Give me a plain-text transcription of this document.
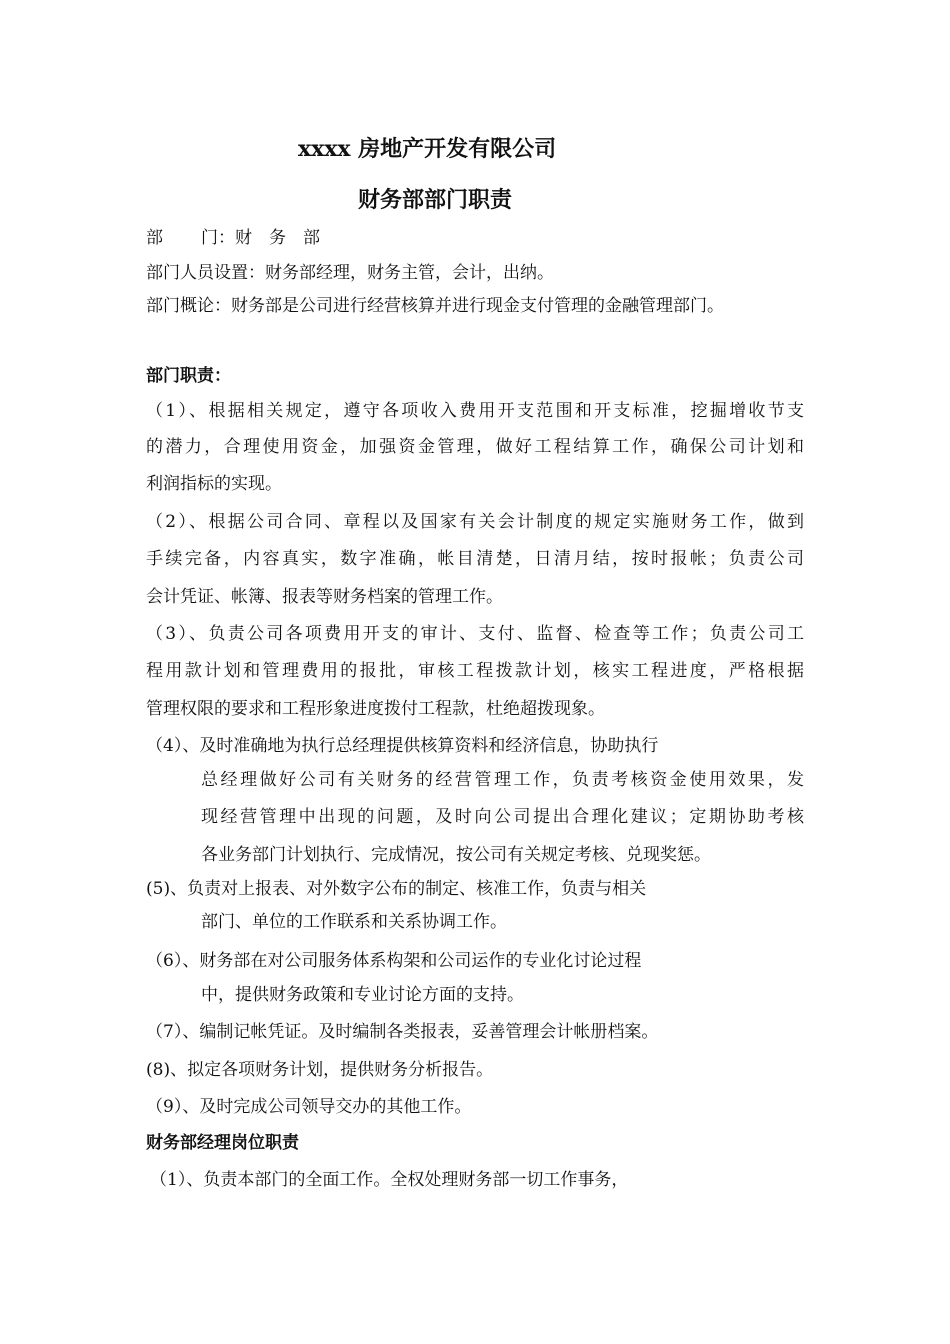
xxxx 房地产开发有限公司
财务部部门职责
部 门：财　务　部
部门人员设置：财务部经理，财务主管，会计，出纳。
部门概论：财务部是公司进行经营核算并进行现金支付管理的金融管理部门。
部门职责：
（1）、根据相关规定，遵守各项收入费用开支范围和开支标准，挖掘增收节支
的潜力，合理使用资金，加强资金管理，做好工程结算工作，确保公司计划和
利润指标的实现。
（2）、根据公司合同、章程以及国家有关会计制度的规定实施财务工作，做到
手续完备，内容真实，数字准确，帐目清楚，日清月结，按时报帐；负责公司
会计凭证、帐簿、报表等财务档案的管理工作。
（3）、负责公司各项费用开支的审计、支付、监督、检查等工作；负责公司工
程用款计划和管理费用的报批，审核工程拨款计划，核实工程进度，严格根据
管理权限的要求和工程形象进度拨付工程款，杜绝超拨现象。
（4）、及时准确地为执行总经理提供核算资料和经济信息，协助执行
总经理做好公司有关财务的经营管理工作，负责考核资金使用效果，发
现经营管理中出现的问题，及时向公司提出合理化建议；定期协助考核
各业务部门计划执行、完成情况，按公司有关规定考核、兑现奖惩。
(5)、负责对上报表、对外数字公布的制定、核准工作，负责与相关
部门、单位的工作联系和关系协调工作。
（6）、财务部在对公司服务体系构架和公司运作的专业化讨论过程
中，提供财务政策和专业讨论方面的支持。
（7）、编制记帐凭证。及时编制各类报表，妥善管理会计帐册档案。
(8)、拟定各项财务计划，提供财务分析报告。
（9）、及时完成公司领导交办的其他工作。
财务部经理岗位职责
（1）、负责本部门的全面工作。全权处理财务部一切工作事务，
